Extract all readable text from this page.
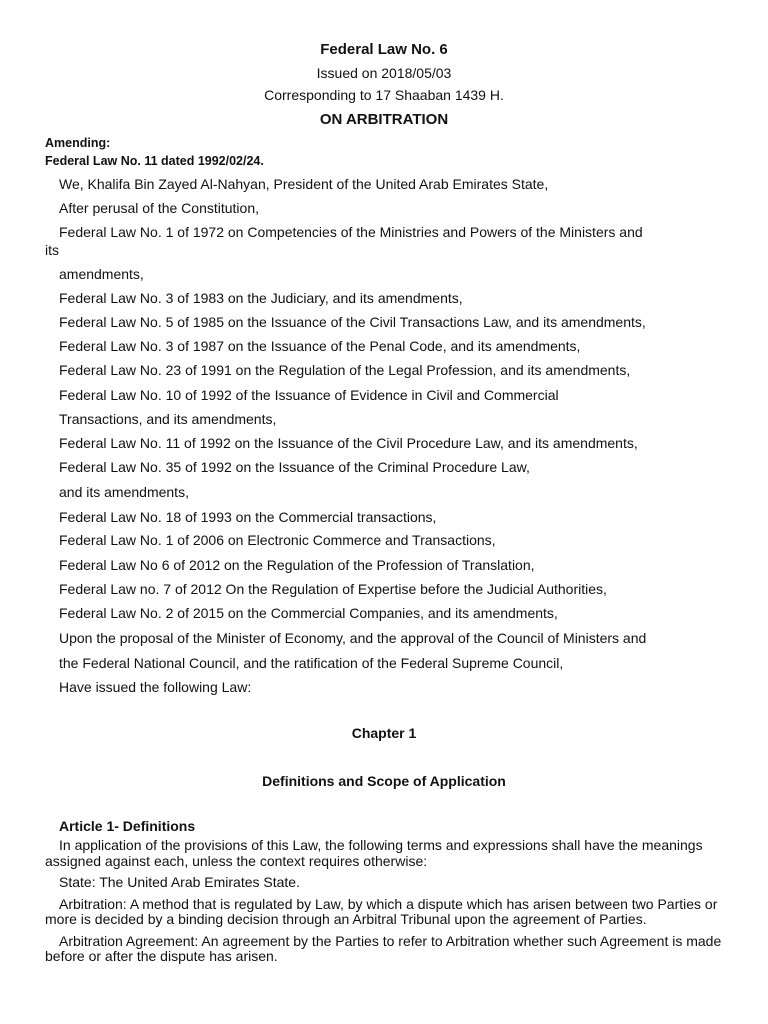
Federal Law No. 6
Issued on 2018/05/03
Corresponding to 17 Shaaban 1439 H.
ON ARBITRATION
Amending:
Federal Law No. 11 dated 1992/02/24.
We, Khalifa Bin Zayed Al-Nahyan, President of the United Arab Emirates State,
After perusal of the Constitution,
Federal Law No. 1 of 1972 on Competencies of the Ministries and Powers of the Ministers and
its
amendments,
Federal Law No. 3 of 1983 on the Judiciary, and its amendments,
Federal Law No. 5 of 1985 on the Issuance of the Civil Transactions Law, and its amendments,
Federal Law No. 3 of 1987 on the Issuance of the Penal Code, and its amendments,
Federal Law No. 23 of 1991 on the Regulation of the Legal Profession, and its amendments,
Federal Law No. 10 of 1992 of the Issuance of Evidence in Civil and Commercial
Transactions, and its amendments,
Federal Law No. 11 of 1992 on the Issuance of the Civil Procedure Law, and its amendments,
Federal Law No. 35 of 1992 on the Issuance of the Criminal Procedure Law,
and its amendments,
Federal Law No. 18 of 1993 on the Commercial transactions,
Federal Law No. 1 of 2006 on Electronic Commerce and Transactions,
Federal Law No 6 of 2012 on the Regulation of the Profession of Translation,
Federal Law no. 7 of 2012 On the Regulation of Expertise before the Judicial Authorities,
Federal Law No. 2 of 2015 on the Commercial Companies, and its amendments,
Upon the proposal of the Minister of Economy, and the approval of the Council of Ministers and
the Federal National Council, and the ratification of the Federal Supreme Council,
Have issued the following Law:
Chapter 1
Definitions and Scope of Application
Article 1- Definitions

In application of the provisions of this Law, the following terms and expressions shall have the meanings assigned against each, unless the context requires otherwise:

State: The United Arab Emirates State.

Arbitration: A method that is regulated by Law, by which a dispute which has arisen between two Parties or more is decided by a binding decision through an Arbitral Tribunal upon the agreement of Parties.

Arbitration Agreement: An agreement by the Parties to refer to Arbitration whether such Agreement is made before or after the dispute has arisen.
